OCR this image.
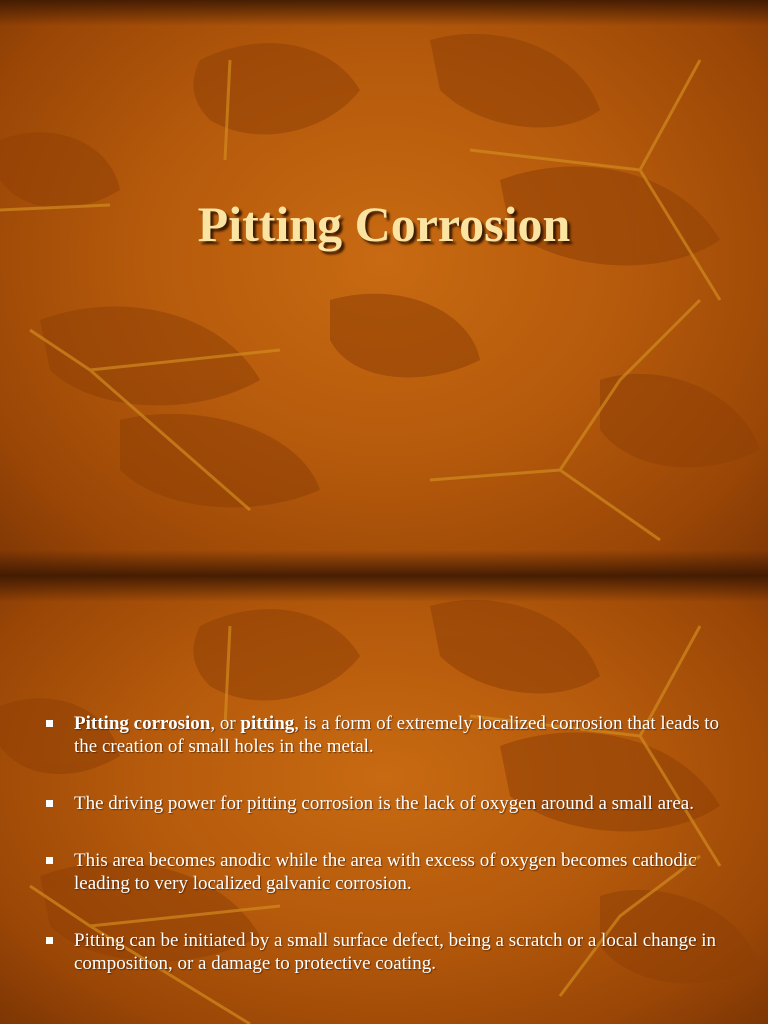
Pitting Corrosion
Pitting corrosion, or pitting, is a form of extremely localized corrosion that leads to the creation of small holes in the metal.
The driving power for pitting corrosion is the lack of oxygen around a small area.
This area becomes anodic while the area with excess of oxygen becomes cathodic leading to very localized galvanic corrosion.
Pitting can be initiated by a small surface defect, being a scratch or a local change in composition, or a damage to protective coating.
